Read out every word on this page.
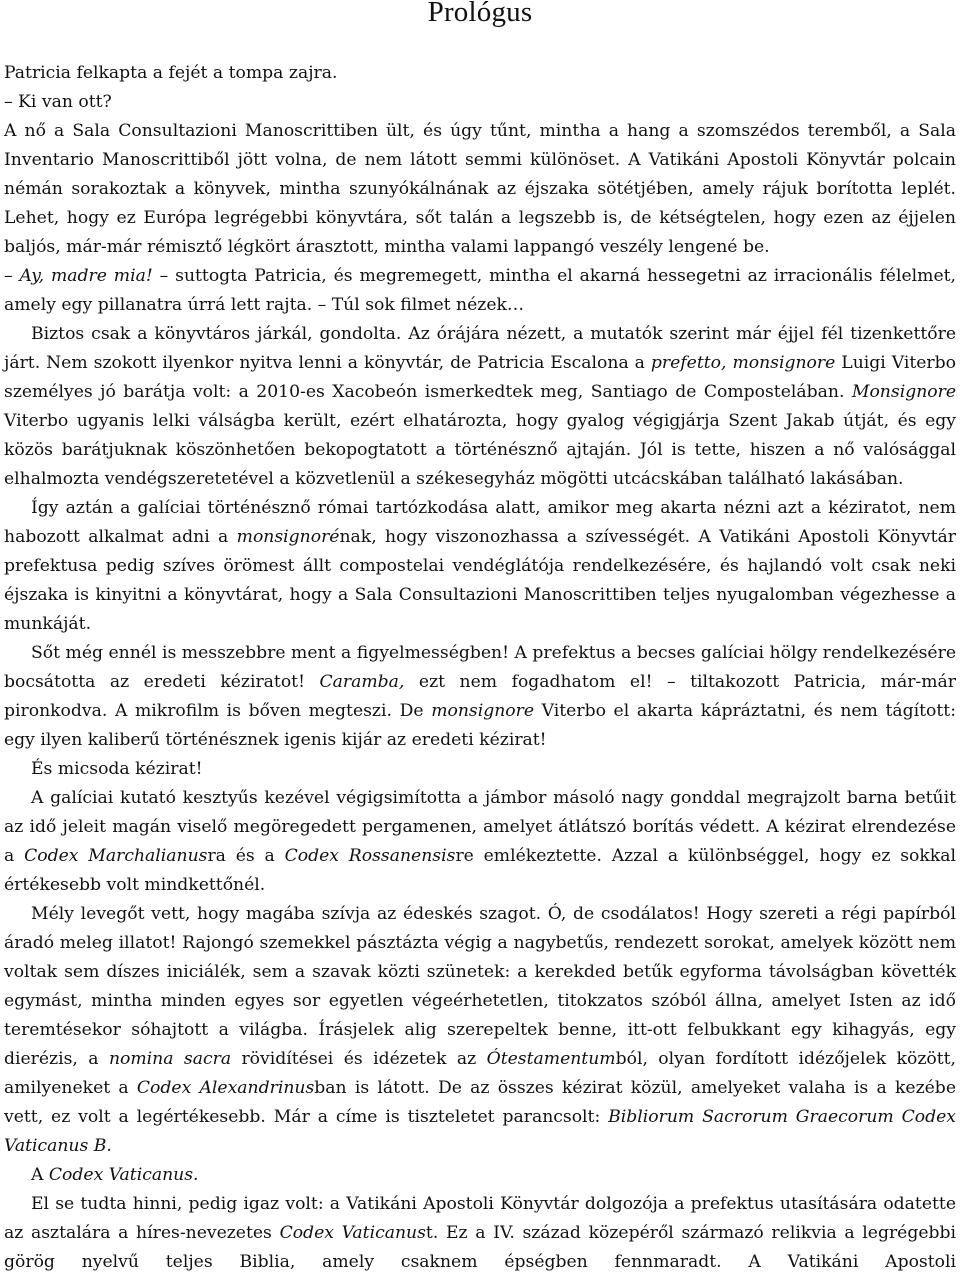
Prológus

Patricia felkapta a fejét a tompa zajra.

– Ki van ott?

A nő a Sala Consultazioni Manoscrittiben ült, és úgy tűnt, mintha a hang a szomszédos teremből, a Sala Inventario Manoscrittiből jött volna, de nem látott semmi különöset. A Vatikáni Apostoli Könyvtár polcain némán sorakoztak a könyvek, mintha szunyókálnának az éjszaka sötétjében, amely rájuk borította leplét. Lehet, hogy ez Európa legrégebbi könyvtára, sőt talán a legszebb is, de kétségtelen, hogy ezen az éjjelen baljós, már-már rémisztő légkört árasztott, mintha valami lappangó veszély lengené be.

– Ay, madre mia! – suttogta Patricia, és megremegett, mintha el akarná hessegetni az irracionális félelmet, amely egy pillanatra úrrá lett rajta. – Túl sok filmet nézek…

Biztos csak a könyvtáros járkál, gondolta. Az órájára nézett, a mutatók szerint már éjjel fél tizenkettőre járt. Nem szokott ilyenkor nyitva lenni a könyvtár, de Patricia Escalona a prefetto, monsignore Luigi Viterbo személyes jó barátja volt: a 2010-es Xacobeón ismerkedtek meg, Santiago de Compostelában. Monsignore Viterbo ugyanis lelki válságba került, ezért elhatározta, hogy gyalog végigjárja Szent Jakab útját, és egy közös barátjuknak köszönhetően bekopogtatott a történésznő ajtaján. Jól is tette, hiszen a nő valósággal elhalmozta vendégszeretetével a közvetlenül a székesegyház mögötti utcácskában található lakásában.

Így aztán a galíciai történésznő római tartózkodása alatt, amikor meg akarta nézni azt a kéziratot, nem habozott alkalmat adni a monsignorénak, hogy viszonozhassa a szívességét. A Vatikáni Apostoli Könyvtár prefektusa pedig szíves örömest állt compostelai vendéglátója rendelkezésére, és hajlandó volt csak neki éjszaka is kinyitni a könyvtárat, hogy a Sala Consultazioni Manoscrittiben teljes nyugalomban végezhesse a munkáját.

Sőt még ennél is messzebbre ment a figyelmességben! A prefektus a becses galíciai hölgy rendelkezésére bocsátotta az eredeti kéziratot! Caramba, ezt nem fogadhatom el! – tiltakozott Patricia, már-már pironkodva. A mikrofilm is bőven megteszi. De monsignore Viterbo el akarta kápráztatni, és nem tágított: egy ilyen kaliberű történésznek igenis kijár az eredeti kézirat!

És micsoda kézirat!

A galíciai kutató kesztyűs kezével végigsimította a jámbor másoló nagy gonddal megrajzolt barna betűit az idő jeleit magán viselő megöregedett pergamenen, amelyet átlátszó borítás védett. A kézirat elrendezése a Codex Marchalianusra és a Codex Rossanensisre emlékeztette. Azzal a különbséggel, hogy ez sokkal értékesebb volt mindkettőnél.

Mély levegőt vett, hogy magába szívja az édeskés szagot. Ó, de csodálatos! Hogy szereti a régi papírból áradó meleg illatot! Rajongó szemekkel pásztázta végig a nagybetűs, rendezett sorokat, amelyek között nem voltak sem díszes iniciálék, sem a szavak közti szünetek: a kerekded betűk egyforma távolságban követték egymást, mintha minden egyes sor egyetlen végeérhetetlen, titokzatos szóból állna, amelyet Isten az idő teremtésekor sóhajtott a világba. Írásjelek alig szerepeltek benne, itt-ott felbukkant egy kihagyás, egy dierézis, a nomina sacra rövidítései és idézetek az Ótestamentumból, olyan fordított idézőjelek között, amilyeneket a Codex Alexandrinusban is látott. De az összes kézirat közül, amelyeket valaha is a kezébe vett, ez volt a legértékesebb. Már a címe is tiszteletet parancsolt: Bibliorum Sacrorum Graecorum Codex Vaticanus B.

A Codex Vaticanus.

El se tudta hinni, pedig igaz volt: a Vatikáni Apostoli Könyvtár dolgozója a prefektus utasítására odatette az asztalára a híres-nevezetes Codex Vaticanust. Ez a IV. század közepéről származó relikvia a legrégebbi görög nyelvű teljes Biblia, amely csaknem épségben fennmaradt. A Vatikáni Apostoli
